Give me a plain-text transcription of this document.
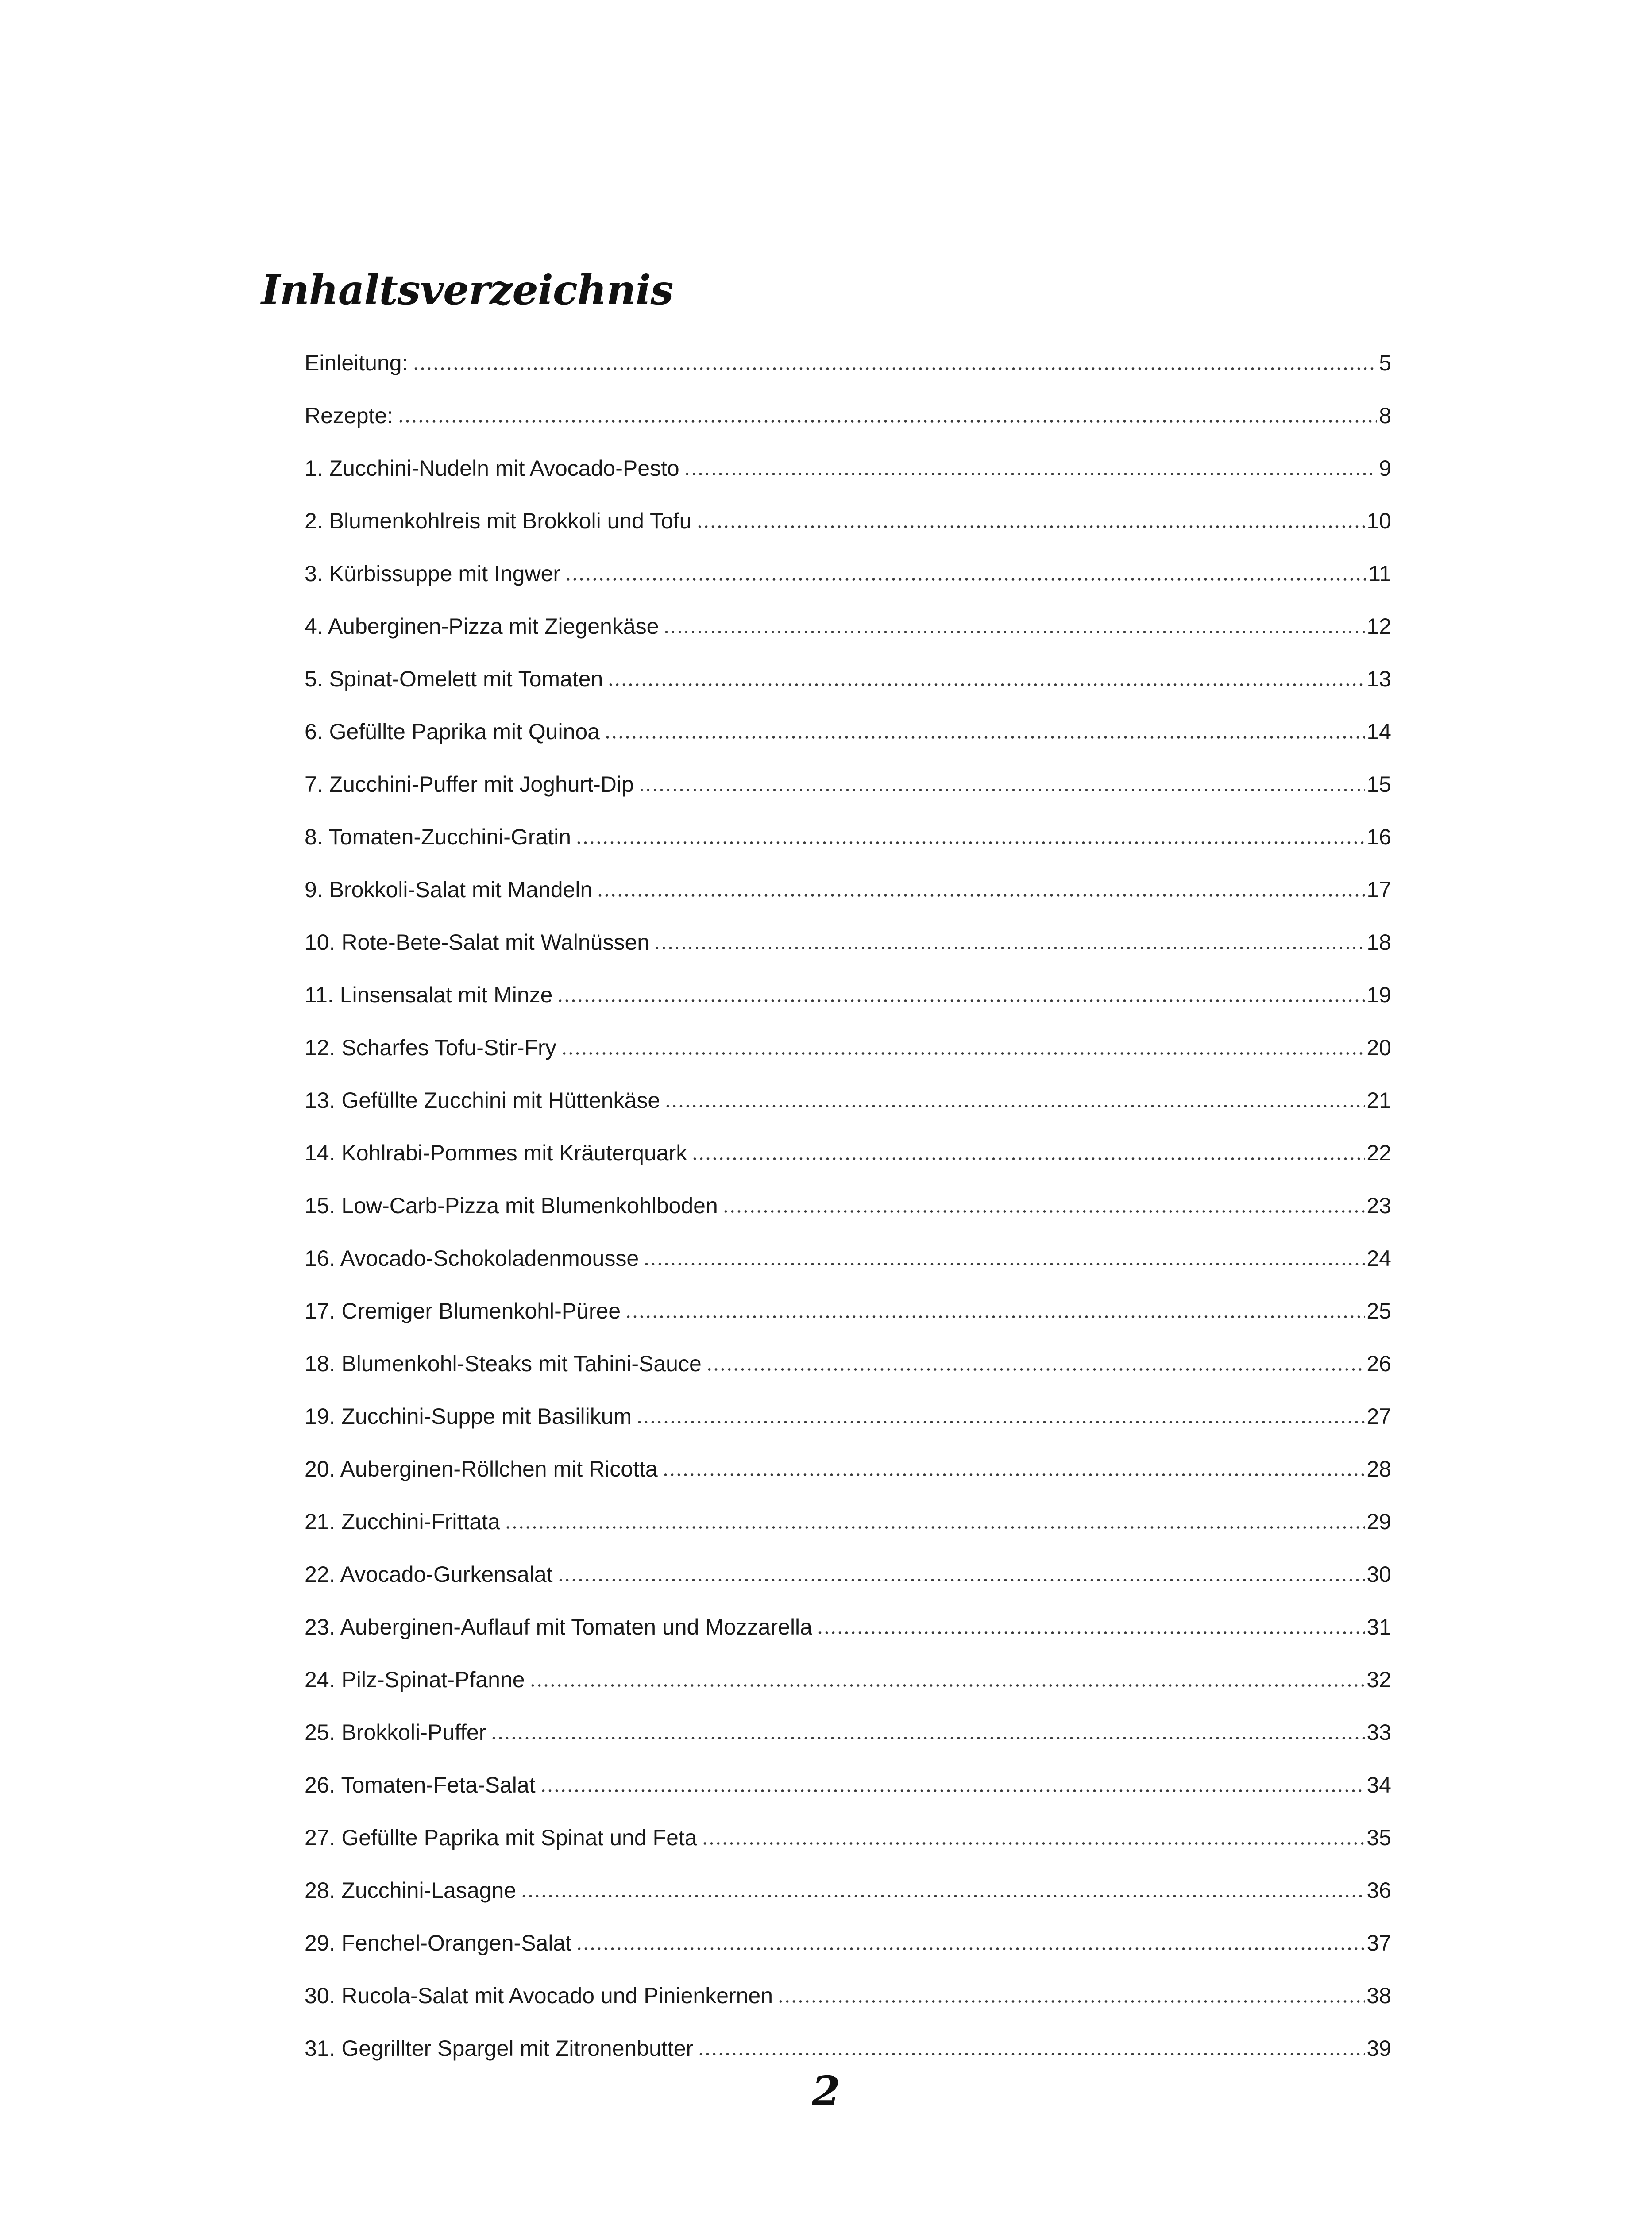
Inhaltsverzeichnis
Einleitung:	5
Rezepte:	8
1. Zucchini-Nudeln mit Avocado-Pesto	9
2. Blumenkohlreis mit Brokkoli und Tofu	10
3. Kürbissuppe mit Ingwer	11
4. Auberginen-Pizza mit Ziegenkäse	12
5. Spinat-Omelett mit Tomaten	13
6. Gefüllte Paprika mit Quinoa	14
7. Zucchini-Puffer mit Joghurt-Dip	15
8. Tomaten-Zucchini-Gratin	16
9. Brokkoli-Salat mit Mandeln	17
10. Rote-Bete-Salat mit Walnüssen	18
11. Linsensalat mit Minze	19
12. Scharfes Tofu-Stir-Fry	20
13. Gefüllte Zucchini mit Hüttenkäse	21
14. Kohlrabi-Pommes mit Kräuterquark	22
15. Low-Carb-Pizza mit Blumenkohlboden	23
16. Avocado-Schokoladenmousse	24
17. Cremiger Blumenkohl-Püree	25
18. Blumenkohl-Steaks mit Tahini-Sauce	26
19. Zucchini-Suppe mit Basilikum	27
20. Auberginen-Röllchen mit Ricotta	28
21. Zucchini-Frittata	29
22. Avocado-Gurkensalat	30
23. Auberginen-Auflauf mit Tomaten und Mozzarella	31
24. Pilz-Spinat-Pfanne	32
25. Brokkoli-Puffer	33
26. Tomaten-Feta-Salat	34
27. Gefüllte Paprika mit Spinat und Feta	35
28. Zucchini-Lasagne	36
29. Fenchel-Orangen-Salat	37
30. Rucola-Salat mit Avocado und Pinienkernen	38
31. Gegrillter Spargel mit Zitronenbutter	39
2
